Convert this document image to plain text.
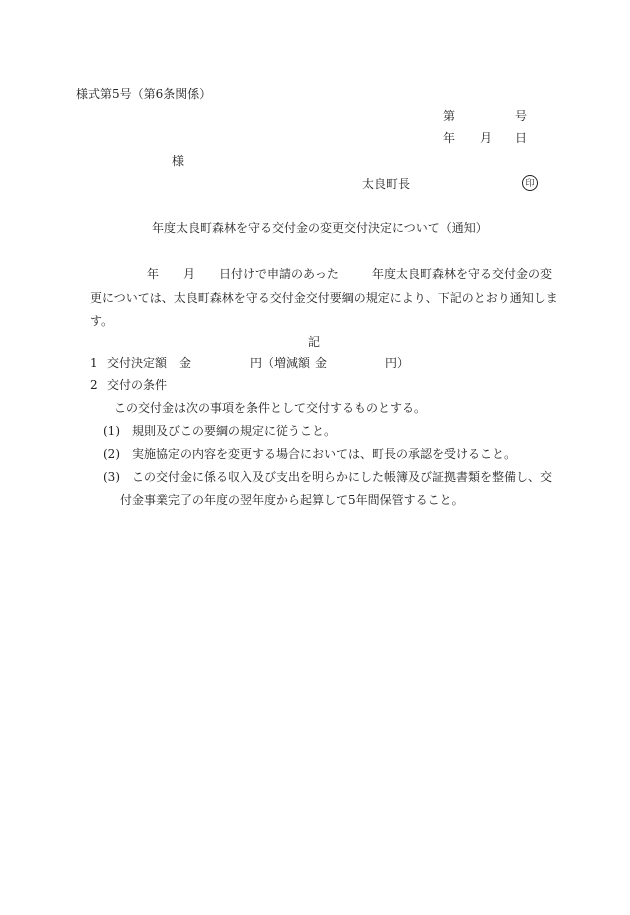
様式第5号（第6条関係）
第	号
年 月 日
様
太良町長	印
年度太良町森林を守る交付金の変更交付決定について（通知）
年 月 日付けで申請のあった	年度太良町森林を守る交付金の変
更については、太良町森林を守る交付金交付要綱の規定により、下記のとおり通知しま
す。
記
1 交付決定額 金	円（増減額 金	円）
2 交付の条件
この交付金は次の事項を条件として交付するものとする。
(1) 規則及びこの要綱の規定に従うこと。
(2) 実施協定の内容を変更する場合においては、町長の承認を受けること。
(3) この交付金に係る収入及び支出を明らかにした帳簿及び証拠書類を整備し、交
付金事業完了の年度の翌年度から起算して5年間保管すること。
